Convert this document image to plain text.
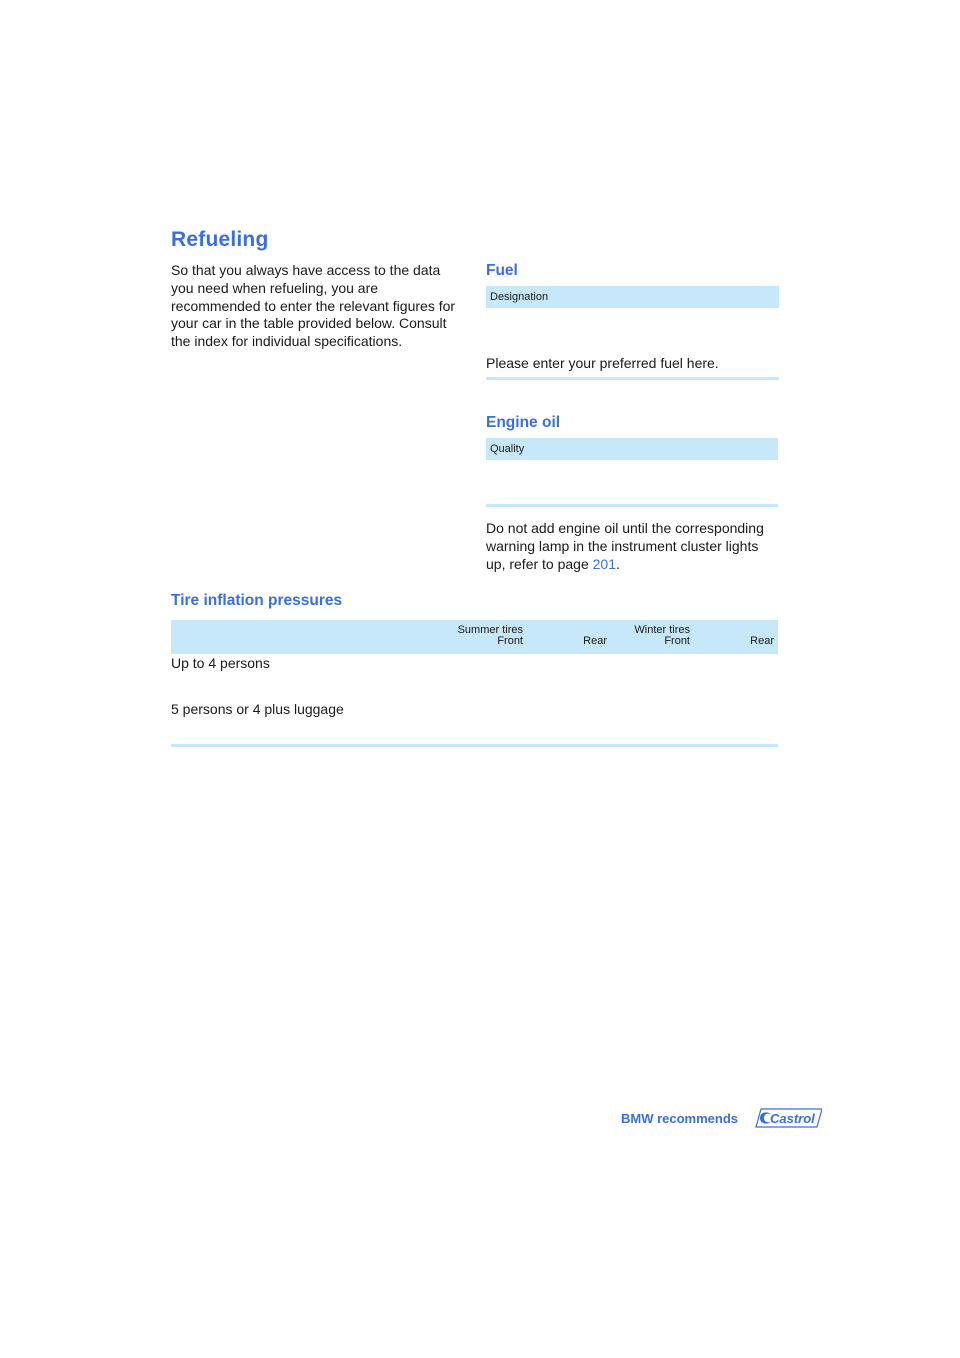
Refueling
So that you always have access to the data you need when refueling, you are recommended to enter the relevant figures for your car in the table provided below. Consult the index for individual specifications.
Fuel
Designation
Please enter your preferred fuel here.
Engine oil
Quality
Do not add engine oil until the corresponding warning lamp in the instrument cluster lights up, refer to page 201.
Tire inflation pressures
Summer tires
Front	Rear
Winter tires
Front	Rear
Up to 4 persons
5 persons or 4 plus luggage
BMW recommends Castrol
